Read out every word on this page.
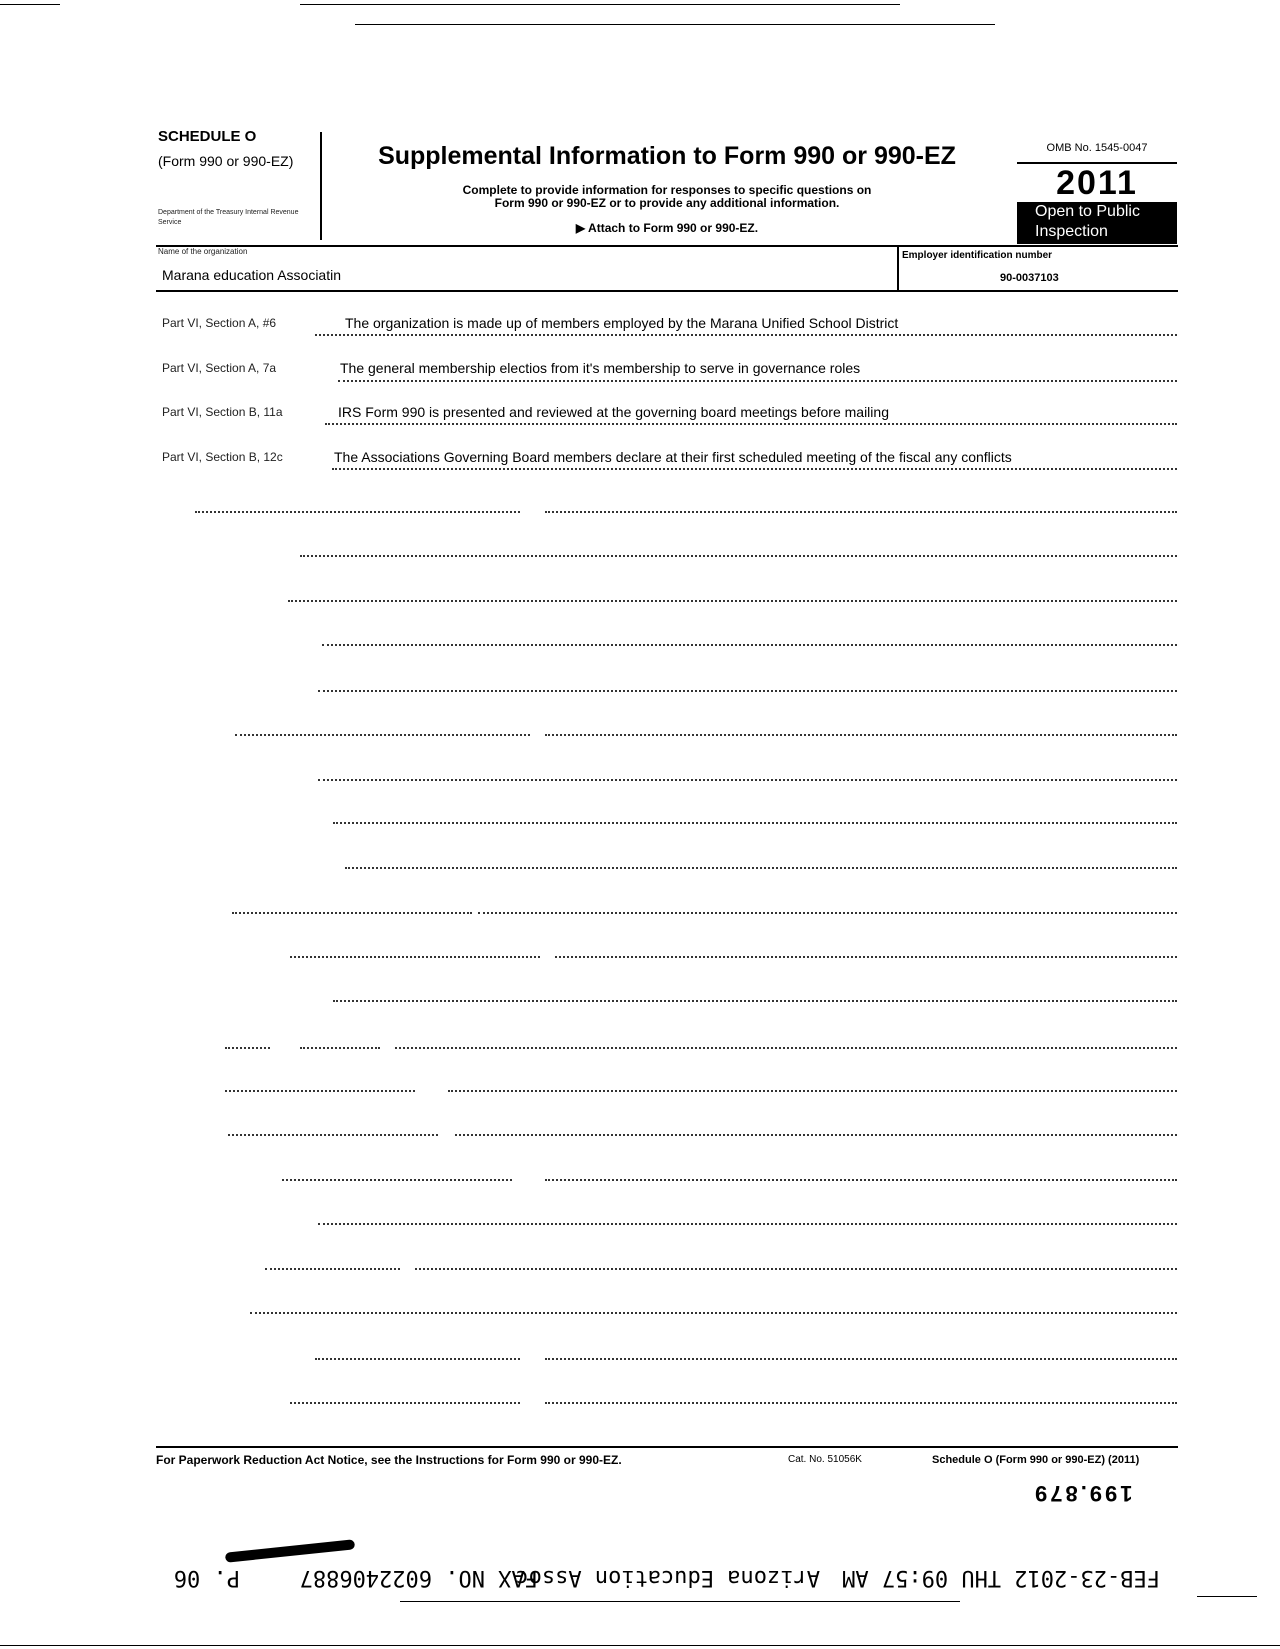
SCHEDULE O
(Form 990 or 990-EZ)
Department of the Treasury Internal Revenue Service
Supplemental Information to Form 990 or 990-EZ
Complete to provide information for responses to specific questions on
Form 990 or 990-EZ or to provide any additional information.
▶ Attach to Form 990 or 990-EZ.
OMB No. 1545-0047
2011
Open to Public
Inspection
Name of the organization
Marana education Associatin
Employer identification number
90-0037103
Part VI, Section A, #6	The organization is made up of members employed by the Marana Unified School District
Part VI, Section A, 7a	The general membership electios from it's membership to serve in governance roles
Part VI, Section B, 11a	IRS Form 990 is presented and reviewed at the governing board meetings before mailing
Part VI, Section B, 12c	The Associations Governing Board members declare at their first scheduled meeting of the fiscal any conflicts
For Paperwork Reduction Act Notice, see the Instructions for Form 990 or 990-EZ.	Cat. No. 51056K	Schedule O (Form 990 or 990-EZ) (2011)
199.879
FEB-23-2012 THU 09:57 AM
Arizona Education Assoc
FAX NO. 6022406887
P. 06
